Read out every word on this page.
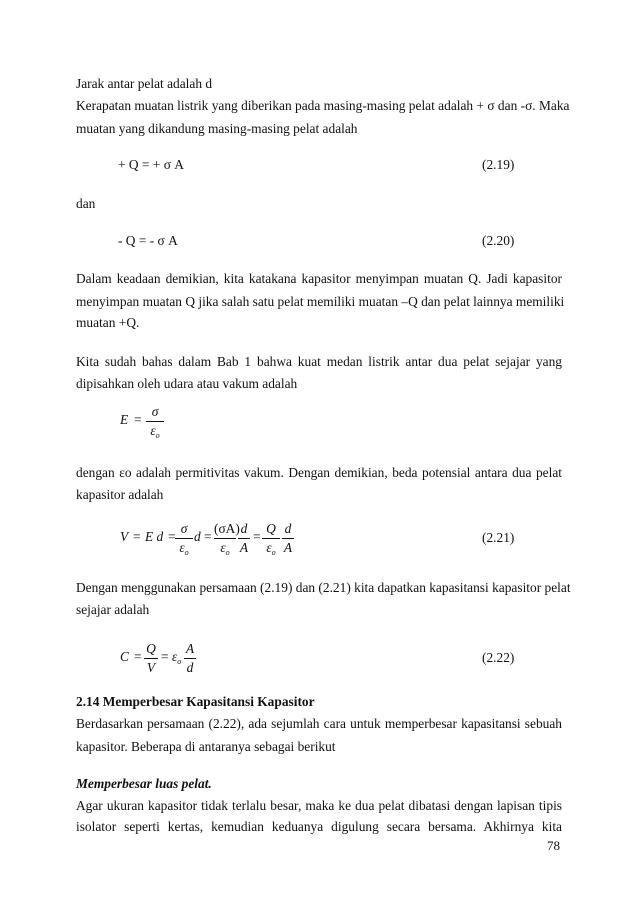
Jarak antar pelat adalah d
Kerapatan muatan listrik yang diberikan pada masing-masing pelat adalah + σ dan -σ. Maka
muatan yang dikandung masing-masing pelat adalah
+ Q = + σ A	(2.19)
dan
- Q = - σ A	(2.20)
Dalam keadaan demikian, kita katakana kapasitor menyimpan muatan Q. Jadi kapasitor
menyimpan muatan Q jika salah satu pelat memiliki muatan –Q dan pelat lainnya memiliki
muatan +Q.
Kita sudah bahas dalam Bab 1 bahwa kuat medan listrik antar dua pelat sejajar yang
dipisahkan oleh udara atau vakum adalah
E =
σ
$\varepsilon_o$
dengan εo adalah permitivitas vakum. Dengan demikian, beda potensial antara dua pelat
kapasitor adalah
V = E d =
σ
$\varepsilon_o$
d =
(σA)
$\varepsilon_o$
d
A
=
Q
$\varepsilon_o$
d
A
(2.21)
Dengan menggunakan persamaan (2.19) dan (2.21) kita dapatkan kapasitansi kapasitor pelat
sejajar adalah
C =
Q
V
= $\varepsilon_o$
A
d
(2.22)
2.14 Memperbesar Kapasitansi Kapasitor
Berdasarkan persamaan (2.22), ada sejumlah cara untuk memperbesar kapasitansi sebuah
kapasitor. Beberapa di antaranya sebagai berikut
Memperbesar luas pelat.
Agar ukuran kapasitor tidak terlalu besar, maka ke dua pelat dibatasi dengan lapisan tipis
isolator seperti kertas, kemudian keduanya digulung secara bersama. Akhirnya kita
78
